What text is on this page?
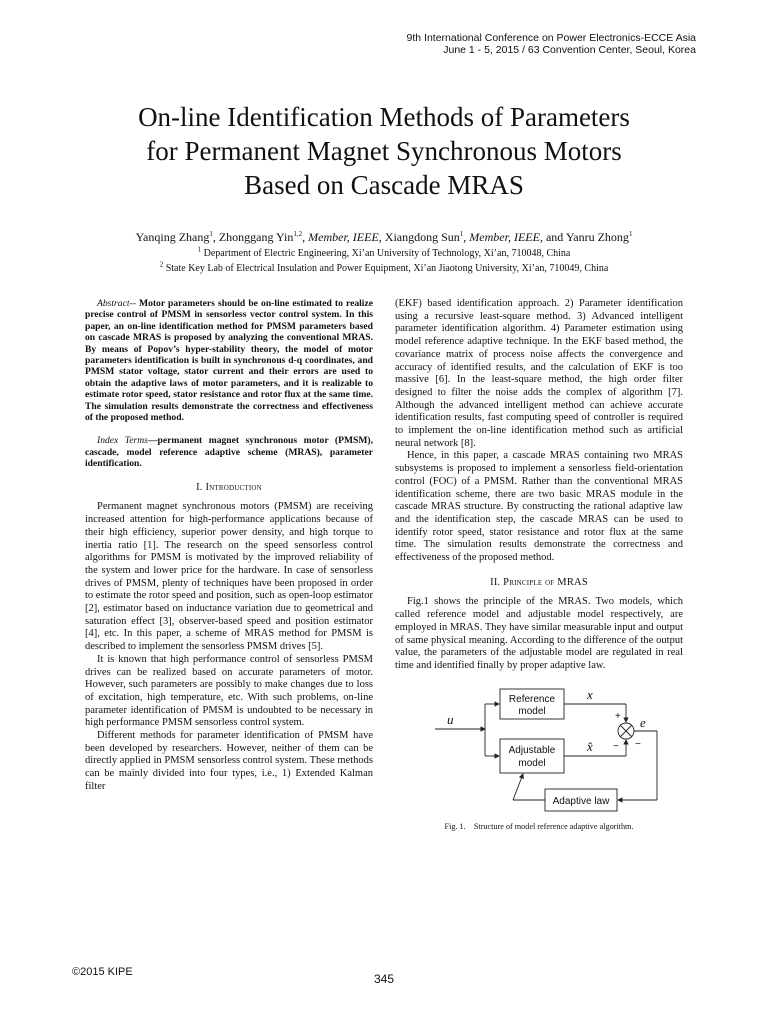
9th International Conference on Power Electronics-ECCE Asia
June 1 - 5, 2015 / 63 Convention Center, Seoul, Korea
On-line Identification Methods of Parameters
for Permanent Magnet Synchronous Motors
Based on Cascade MRAS
Yanqing Zhang$^1$, Zhonggang Yin$^{1,2}$, Member, IEEE, Xiangdong Sun$^1$, Member, IEEE, and Yanru Zhong$^1$
$^1$ Department of Electric Engineering, Xi’an University of Technology, Xi’an, 710048, China
$^2$ State Key Lab of Electrical Insulation and Power Equipment, Xi’an Jiaotong University, Xi’an, 710049, China

Abstract-- Motor parameters should be on-line estimated to realize precise control of PMSM in sensorless vector control system. In this paper, an on-line identification method for PMSM parameters based on cascade MRAS is proposed by analyzing the conventional MRAS. By means of Popov’s hyper-stability theory, the model of motor parameters identification is built in synchronous d-q coordinates, and PMSM stator voltage, stator current and their errors are used to obtain the adaptive laws of motor parameters, and it is realizable to estimate rotor speed, stator resistance and rotor flux at the same time. The simulation results demonstrate the correctness and effectiveness of the proposed method.

Index Terms—permanent magnet synchronous motor (PMSM), cascade, model reference adaptive scheme (MRAS), parameter identification.

I. Introduction

Permanent magnet synchronous motors (PMSM) are receiving increased attention for high-performance applications because of their high efficiency, superior power density, and high torque to inertia ratio [1]. The research on the speed sensorless control algorithms for PMSM is motivated by the improved reliability of the system and lower price for the hardware. In case of sensorless drives of PMSM, plenty of techniques have been proposed in order to estimate the rotor speed and position, such as open-loop estimator [2], estimator based on inductance variation due to geometrical and saturation effect [3], observer-based speed and position estimator [4], etc. In this paper, a scheme of MRAS method for PMSM is described to implement the sensorless PMSM drives [5].

It is known that high performance control of sensorless PMSM drives can be realized based on accurate parameters of motor. However, such parameters are possibly to make changes due to loss of excitation, high temperature, etc. With such problems, on-line parameter identification of PMSM is undoubted to be necessary in high performance PMSM sensorless control system.

Different methods for parameter identification of PMSM have been developed by researchers. However, neither of them can be directly applied in PMSM sensorless control system. These methods can be mainly divided into four types, i.e., 1) Extended Kalman filter

(EKF) based identification approach. 2) Parameter identification using a recursive least-square method. 3) Advanced intelligent parameter identification algorithm. 4) Parameter estimation using model reference adaptive technique. In the EKF based method, the covariance matrix of process noise affects the convergence and accuracy of identified results, and the calculation of EKF is too massive [6]. In the least-square method, the high order filter designed to filter the noise adds the complex of algorithm [7]. Although the advanced intelligent method can achieve accurate identification results, fast computing speed of controller is required to implement the on-line identification method such as artificial neural network [8].

Hence, in this paper, a cascade MRAS containing two MRAS subsystems is proposed to implement a sensorless field-orientation control (FOC) of a PMSM. Rather than the conventional MRAS identification scheme, there are two basic MRAS module in the cascade MRAS structure. By constructing the rational adaptive law and the identification step, the cascade MRAS can be used to identify rotor speed, stator resistance and rotor flux at the same time. The simulation results demonstrate the correctness and effectiveness of the proposed method.

II. Principle of MRAS

Fig.1 shows the principle of the MRAS. Two models, which called reference model and adjustable model respectively, are employed in MRAS. They have similar measurable input and output of same physical meaning. According to the difference of the output value, the parameters of the adjustable model are regulated in real time and identified finally by proper adaptive law.

Reference
model
Adjustable
model
Adaptive law
u
x
x̂
e
+
− −

Fig. 1. Structure of model reference adaptive algorithm.

©2015 KIPE	345
